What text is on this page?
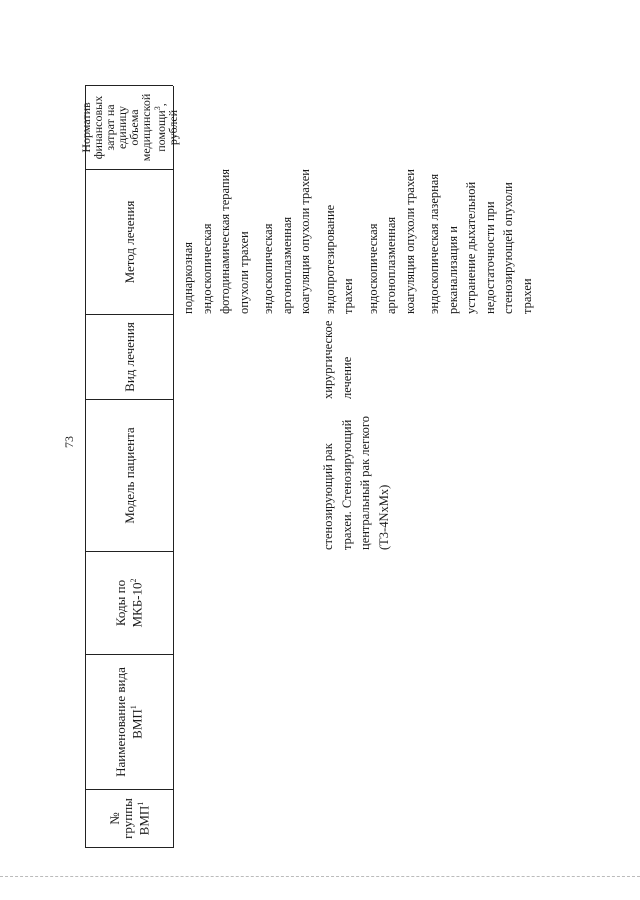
73
№ группы ВМП$^1$
Наименование вида ВМП$^1$
Коды по МКБ-$10^2$
Модель пациента
Вид лечения
Метод лечения
Норматив финансовых затрат на единицу объема медицинской помощи$^3$, рублей
стенозирующий рак трахеи. Стенозирующий центральный рак легкого (T3-4NxMx)
хирургическое лечение
поднаркозная эндоскопическая фотодинамическая терапия опухоли трахеи эндоскопическая аргоноплазменная коагуляция опухоли трахеи эндопротезирование трахеи эндоскопическая аргоноплазменная коагуляция опухоли трахеи эндоскопическая лазерная реканализация и устранение дыхательной недостаточности при стенозирующей опухоли трахеи
